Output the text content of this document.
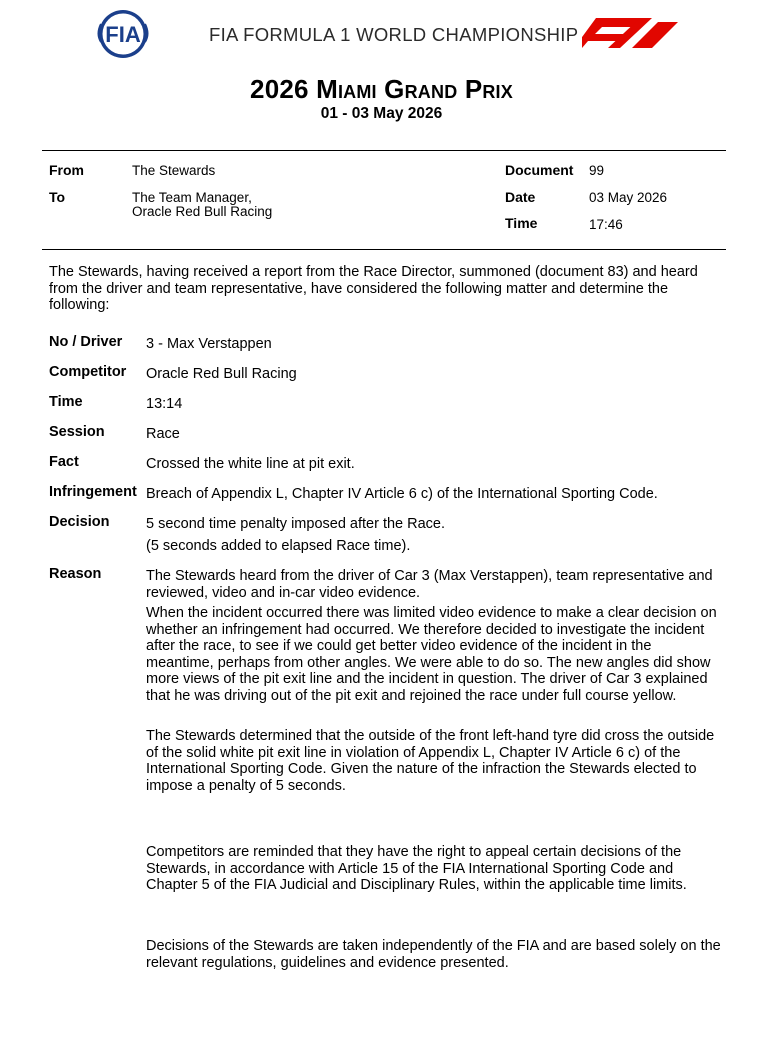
FIA	FIA FORMULA 1 WORLD CHAMPIONSHIP
2026 Miami Grand Prix
01 - 03 May 2026
From	The Stewards
To	The Team Manager,
Oracle Red Bull Racing
Document 99
Date	03 May 2026
Time	17:46
The Stewards, having received a report from the Race Director, summoned (document 83) and heard from the driver and team representative, have considered the following matter and determine the following:
No / Driver 3 - Max Verstappen
Competitor Oracle Red Bull Racing
Time	13:14
Session	Race
Fact	Crossed the white line at pit exit.
Infringement Breach of Appendix L, Chapter IV Article 6 c) of the International Sporting Code.
Decision	5 second time penalty imposed after the Race.
(5 seconds added to elapsed Race time).
Reason	The Stewards heard from the driver of Car 3 (Max Verstappen), team representative and reviewed, video and in-car video evidence.
When the incident occurred there was limited video evidence to make a clear decision on whether an infringement had occurred. We therefore decided to investigate the incident after the race, to see if we could get better video evidence of the incident in the meantime, perhaps from other angles. We were able to do so. The new angles did show more views of the pit exit line and the incident in question. The driver of Car 3 explained that he was driving out of the pit exit and rejoined the race under full course yellow.
The Stewards determined that the outside of the front left-hand tyre did cross the outside of the solid white pit exit line in violation of Appendix L, Chapter IV Article 6 c) of the International Sporting Code. Given the nature of the infraction the Stewards elected to impose a penalty of 5 seconds.
Competitors are reminded that they have the right to appeal certain decisions of the Stewards, in accordance with Article 15 of the FIA International Sporting Code and Chapter 5 of the FIA Judicial and Disciplinary Rules, within the applicable time limits.
Decisions of the Stewards are taken independently of the FIA and are based solely on the relevant regulations, guidelines and evidence presented.
